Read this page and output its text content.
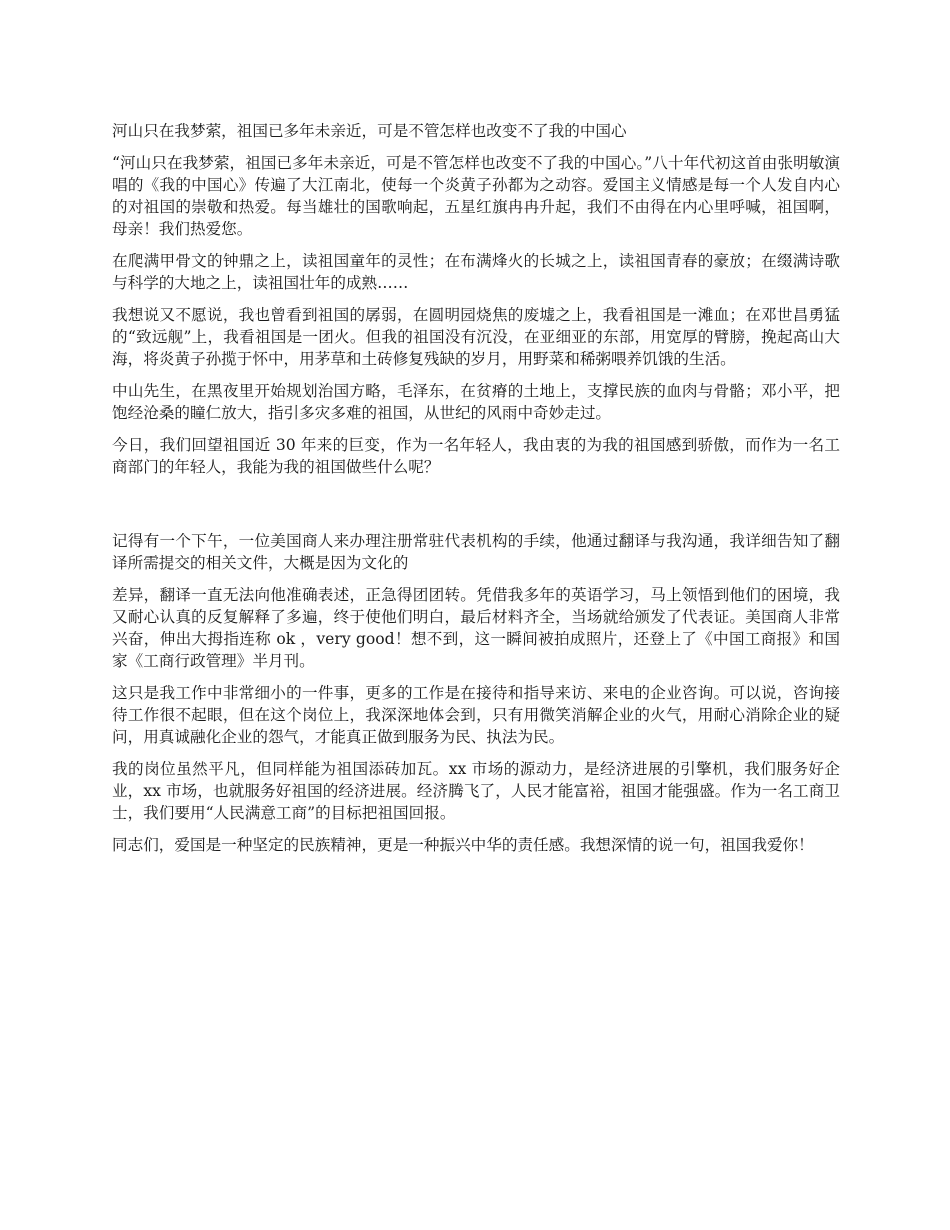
河山只在我梦萦，祖国已多年未亲近，可是不管怎样也改变不了我的中国心

“河山只在我梦萦，祖国已多年未亲近，可是不管怎样也改变不了我的中国心。”八十年代初这首由张明敏演唱的《我的中国心》传遍了大江南北，使每一个炎黄子孙都为之动容。爱国主义情感是每一个人发自内心的对祖国的崇敬和热爱。每当雄壮的国歌响起，五星红旗冉冉升起，我们不由得在内心里呼喊，祖国啊，母亲！我们热爱您。

在爬满甲骨文的钟鼎之上，读祖国童年的灵性；在布满烽火的长城之上，读祖国青春的豪放；在缀满诗歌与科学的大地之上，读祖国壮年的成熟……

我想说又不愿说，我也曾看到祖国的孱弱，在圆明园烧焦的废墟之上，我看祖国是一滩血；在邓世昌勇猛的“致远舰”上，我看祖国是一团火。但我的祖国没有沉没，在亚细亚的东部，用宽厚的臂膀，挽起高山大海，将炎黄子孙揽于怀中，用茅草和土砖修复残缺的岁月，用野菜和稀粥喂养饥饿的生活。

中山先生，在黑夜里开始规划治国方略，毛泽东，在贫瘠的土地上，支撑民族的血肉与骨骼；邓小平，把饱经沧桑的瞳仁放大，指引多灾多难的祖国，从世纪的风雨中奇妙走过。

今日，我们回望祖国近 30 年来的巨变，作为一名年轻人，我由衷的为我的祖国感到骄傲，而作为一名工商部门的年轻人，我能为我的祖国做些什么呢？

记得有一个下午，一位美国商人来办理注册常驻代表机构的手续，他通过翻译与我沟通，我详细告知了翻译所需提交的相关文件，大概是因为文化的

差异，翻译一直无法向他准确表述，正急得团团转。凭借我多年的英语学习，马上领悟到他们的困境，我又耐心认真的反复解释了多遍，终于使他们明白，最后材料齐全，当场就给颁发了代表证。美国商人非常兴奋，伸出大拇指连称 ok ，very good！想不到，这一瞬间被拍成照片，还登上了《中国工商报》和国家《工商行政管理》半月刊。

这只是我工作中非常细小的一件事，更多的工作是在接待和指导来访、来电的企业咨询。可以说，咨询接待工作很不起眼，但在这个岗位上，我深深地体会到，只有用微笑消解企业的火气，用耐心消除企业的疑问，用真诚融化企业的怨气，才能真正做到服务为民、执法为民。

我的岗位虽然平凡，但同样能为祖国添砖加瓦。xx 市场的源动力，是经济进展的引擎机，我们服务好企业，xx 市场，也就服务好祖国的经济进展。经济腾飞了，人民才能富裕，祖国才能强盛。作为一名工商卫士，我们要用“人民满意工商”的目标把祖国回报。

同志们，爱国是一种坚定的民族精神，更是一种振兴中华的责任感。我想深情的说一句，祖国我爱你！
